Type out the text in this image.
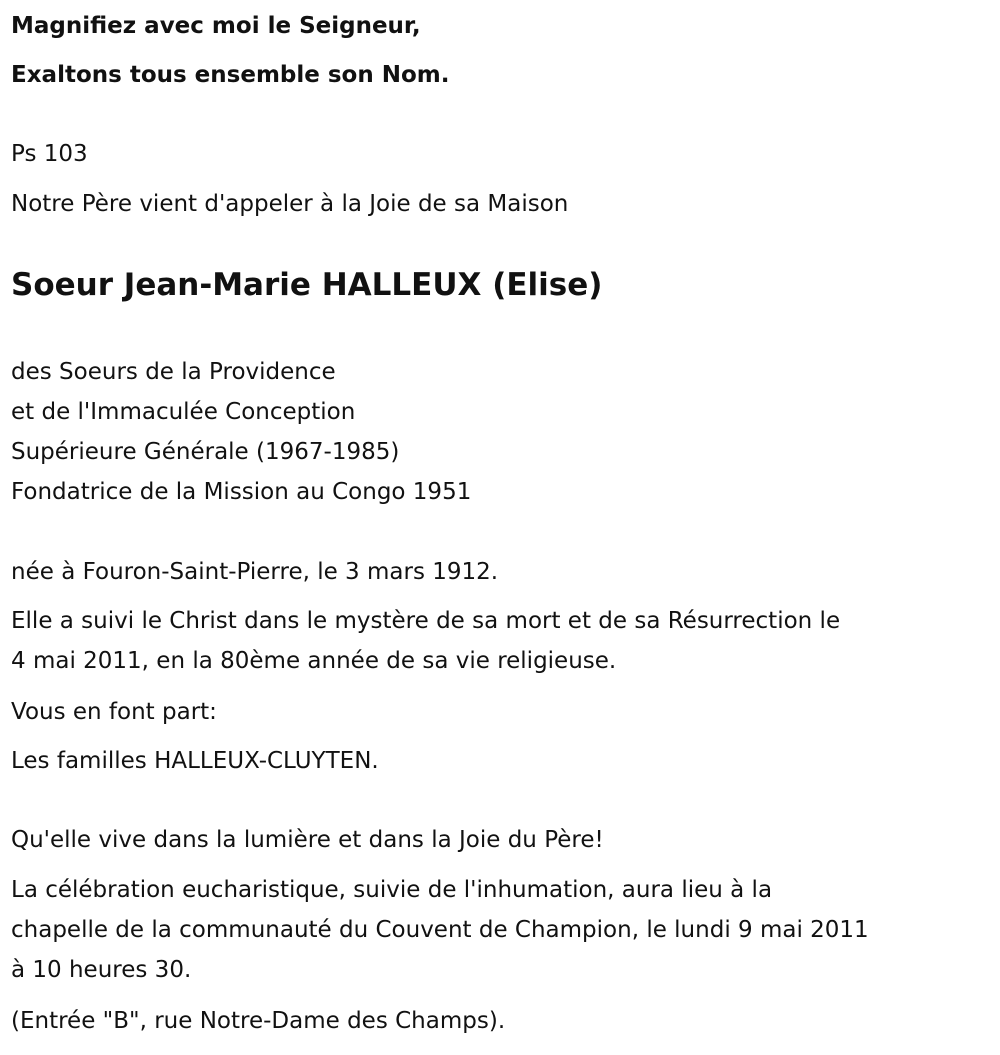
Magnifiez avec moi le Seigneur,
Exaltons tous ensemble son Nom.
Ps 103
Notre Père vient d'appeler à la Joie de sa Maison
Soeur Jean-Marie HALLEUX (Elise)
des Soeurs de la Providence
et de l'Immaculée Conception
Supérieure Générale (1967-1985)
Fondatrice de la Mission au Congo 1951
née à Fouron-Saint-Pierre, le 3 mars 1912.
Elle a suivi le Christ dans le mystère de sa mort et de sa Résurrection le
4 mai 2011, en la 80ème année de sa vie religieuse.
Vous en font part:
Les familles HALLEUX-CLUYTEN.
Qu'elle vive dans la lumière et dans la Joie du Père!
La célébration eucharistique, suivie de l'inhumation, aura lieu à la
chapelle de la communauté du Couvent de Champion, le lundi 9 mai 2011
à 10 heures 30.
(Entrée "B", rue Notre-Dame des Champs).
